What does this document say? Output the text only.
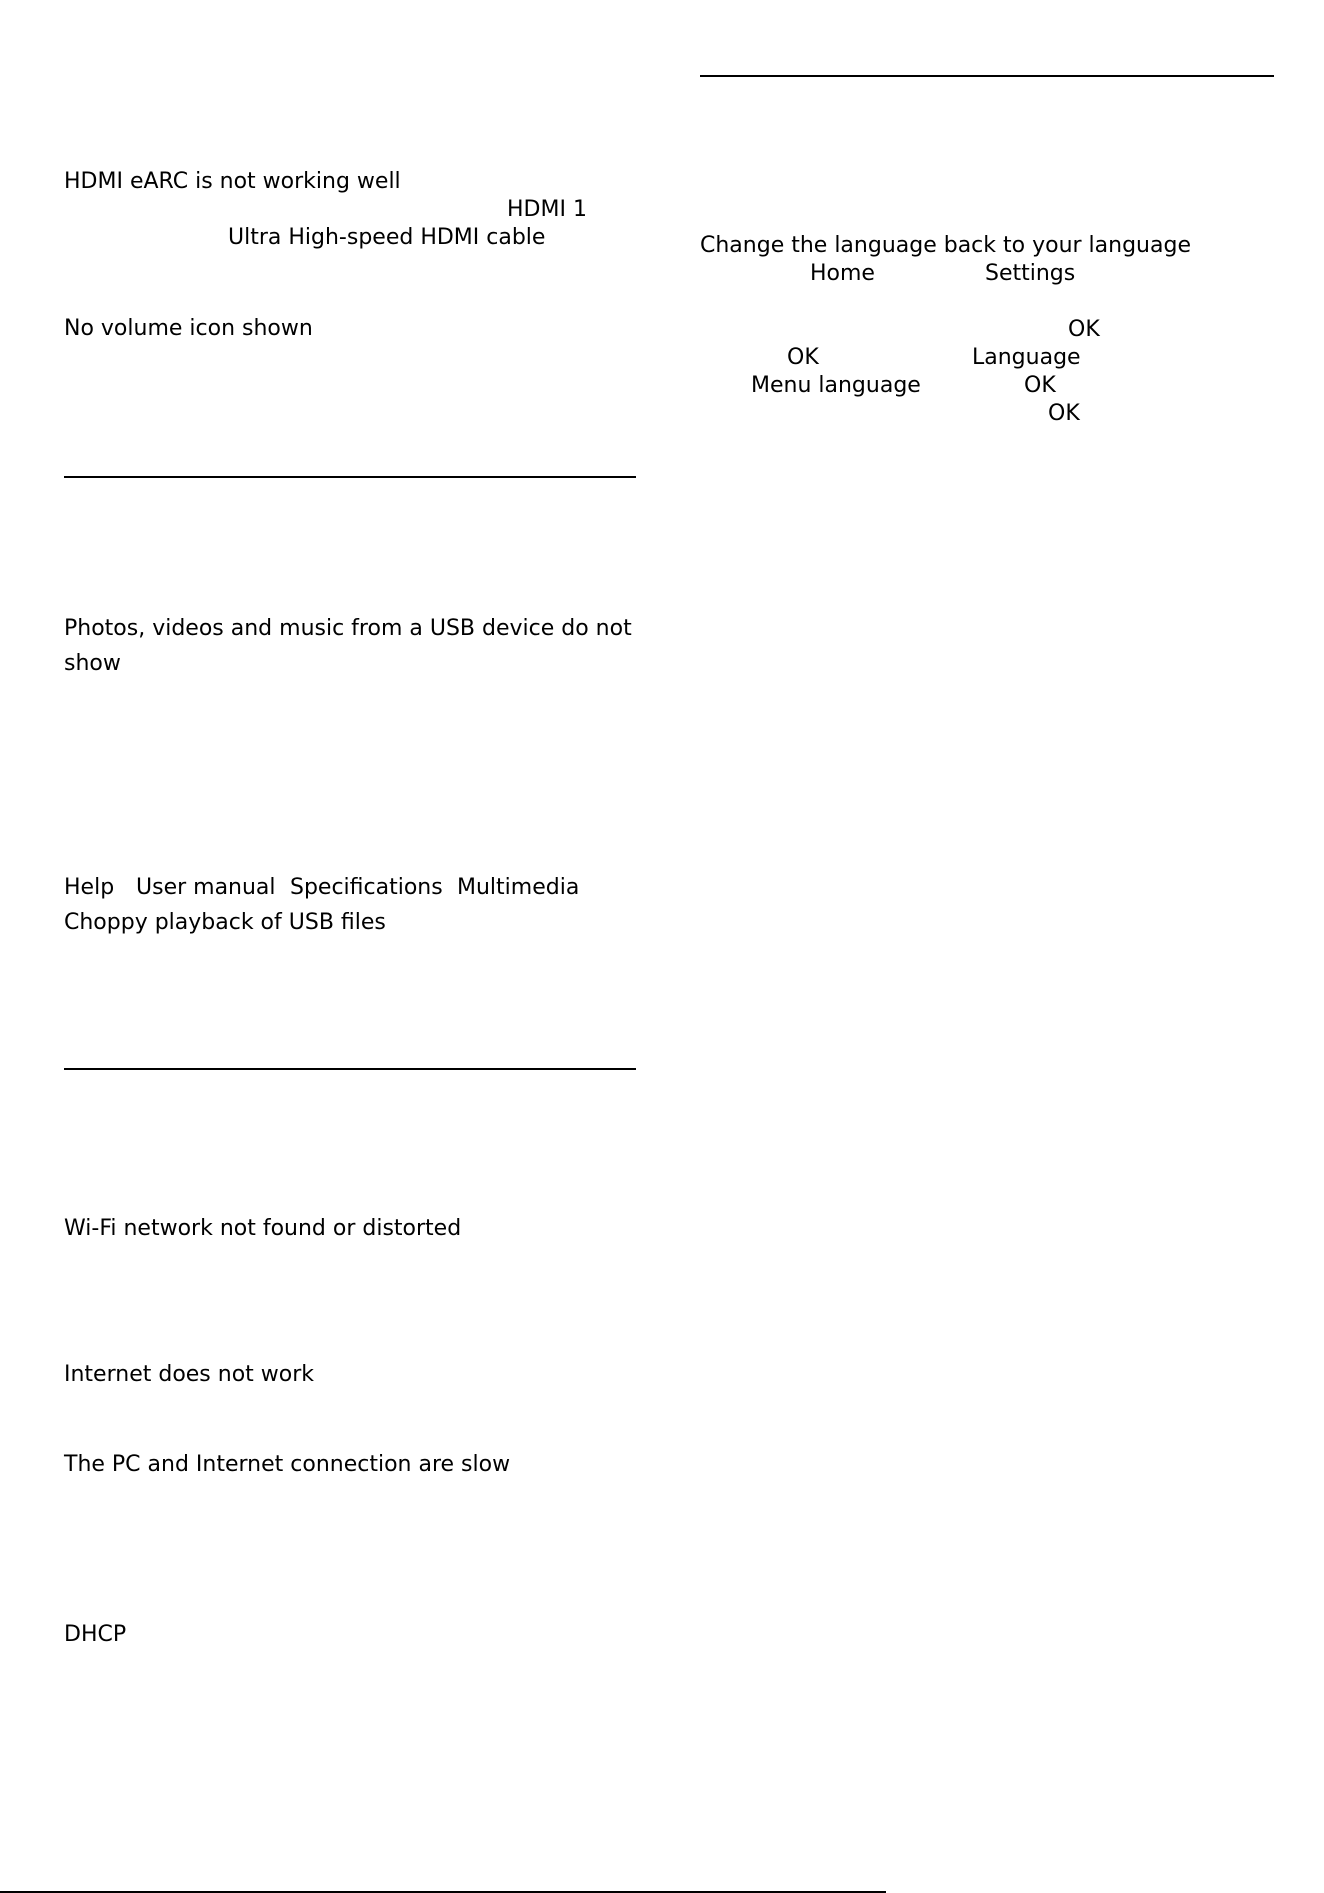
HDMI eARC is not working well

HDMI 1

Ultra High-speed HDMI cable

No volume icon shown

Photos, videos and music from a USB device do not

show

Help User manual Specifications Multimedia

Choppy playback of USB files

Wi-Fi network not found or distorted

Internet does not work

The PC and Internet connection are slow

DHCP

Change the language back to your language

Home	Settings

OK

OK	Language

Menu language	OK

OK
